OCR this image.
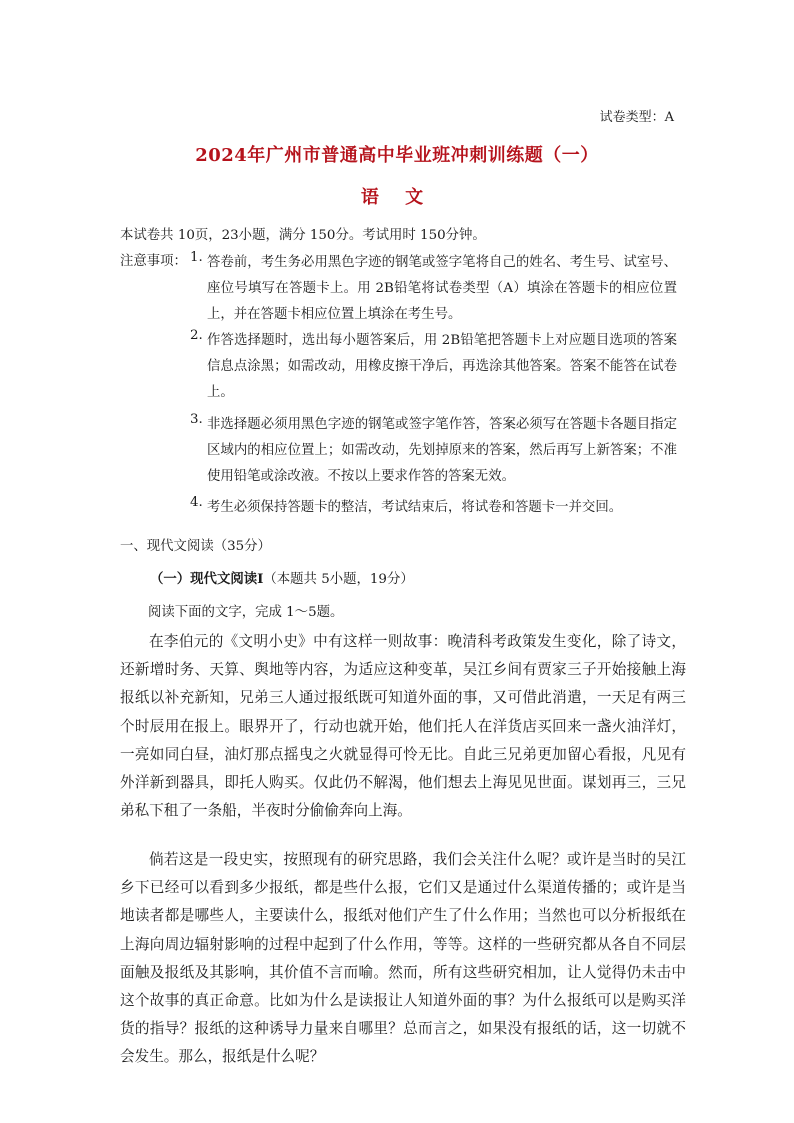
试卷类型：A
2024年广州市普通高中毕业班冲刺训练题（一）
语 文
本试卷共 10页，23小题，满分 150分。考试用时 150分钟。
注意事项： 1. 答卷前，考生务必用黑色字迹的钢笔或签字笔将自己的姓名、考生号、试室号、座位号填写在答题卡上。用 2B铅笔将试卷类型（A）填涂在答题卡的相应位置上，并在答题卡相应位置上填涂在考生号。
2. 作答选择题时，选出每小题答案后，用 2B铅笔把答题卡上对应题目选项的答案信息点涂黑；如需改动，用橡皮擦干净后，再选涂其他答案。答案不能答在试卷上。
3. 非选择题必须用黑色字迹的钢笔或签字笔作答，答案必须写在答题卡各题目指定区域内的相应位置上；如需改动，先划掉原来的答案，然后再写上新答案；不准使用铅笔或涂改液。不按以上要求作答的答案无效。
4. 考生必须保持答题卡的整洁，考试结束后，将试卷和答题卡一并交回。
一、现代文阅读（35分）
（一）现代文阅读Ⅰ（本题共 5小题，19分）
阅读下面的文字，完成 1～5题。
在李伯元的《文明小史》中有这样一则故事：晚清科考政策发生变化，除了诗文，还新增时务、天算、舆地等内容，为适应这种变革，吴江乡间有贾家三子开始接触上海报纸以补充新知，兄弟三人通过报纸既可知道外面的事，又可借此消遣，一天足有两三个时辰用在报上。眼界开了，行动也就开始，他们托人在洋货店买回来一盏火油洋灯，一亮如同白昼，油灯那点摇曳之火就显得可怜无比。自此三兄弟更加留心看报，凡见有外洋新到器具，即托人购买。仅此仍不解渴，他们想去上海见见世面。谋划再三，三兄弟私下租了一条船，半夜时分偷偷奔向上海。
倘若这是一段史实，按照现有的研究思路，我们会关注什么呢？或许是当时的吴江乡下已经可以看到多少报纸，都是些什么报，它们又是通过什么渠道传播的；或许是当地读者都是哪些人，主要读什么，报纸对他们产生了什么作用；当然也可以分析报纸在上海向周边辐射影响的过程中起到了什么作用，等等。这样的一些研究都从各自不同层面触及报纸及其影响，其价值不言而喻。然而，所有这些研究相加，让人觉得仍未击中这个故事的真正命意。比如为什么是读报让人知道外面的事？为什么报纸可以是购买洋货的指导？报纸的这种诱导力量来自哪里？总而言之，如果没有报纸的话，这一切就不会发生。那么，报纸是什么呢？
